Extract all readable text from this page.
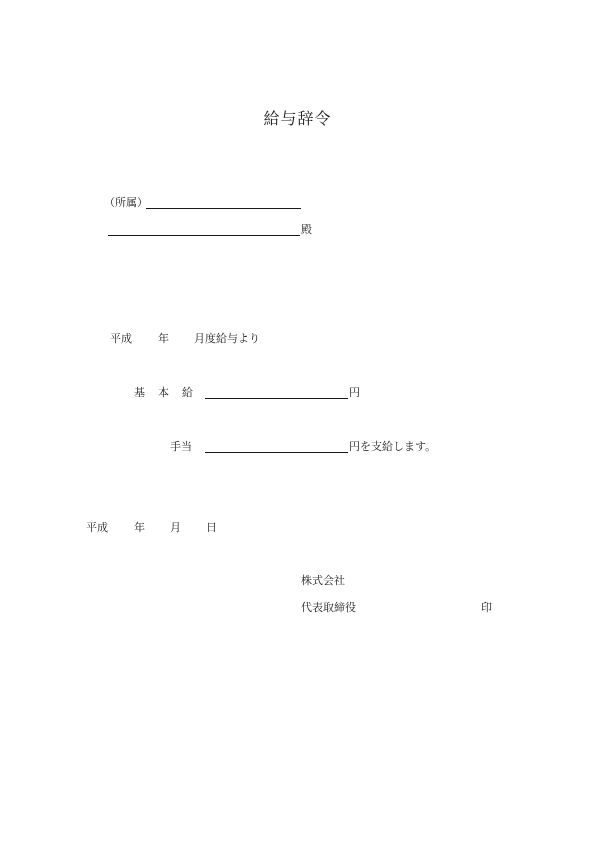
給与辞令
（所属）
殿
平成 年 月度給与より
基 本 給	円
手当	円を支給します。
平成 年 月 日
株式会社
代表取締役	印
